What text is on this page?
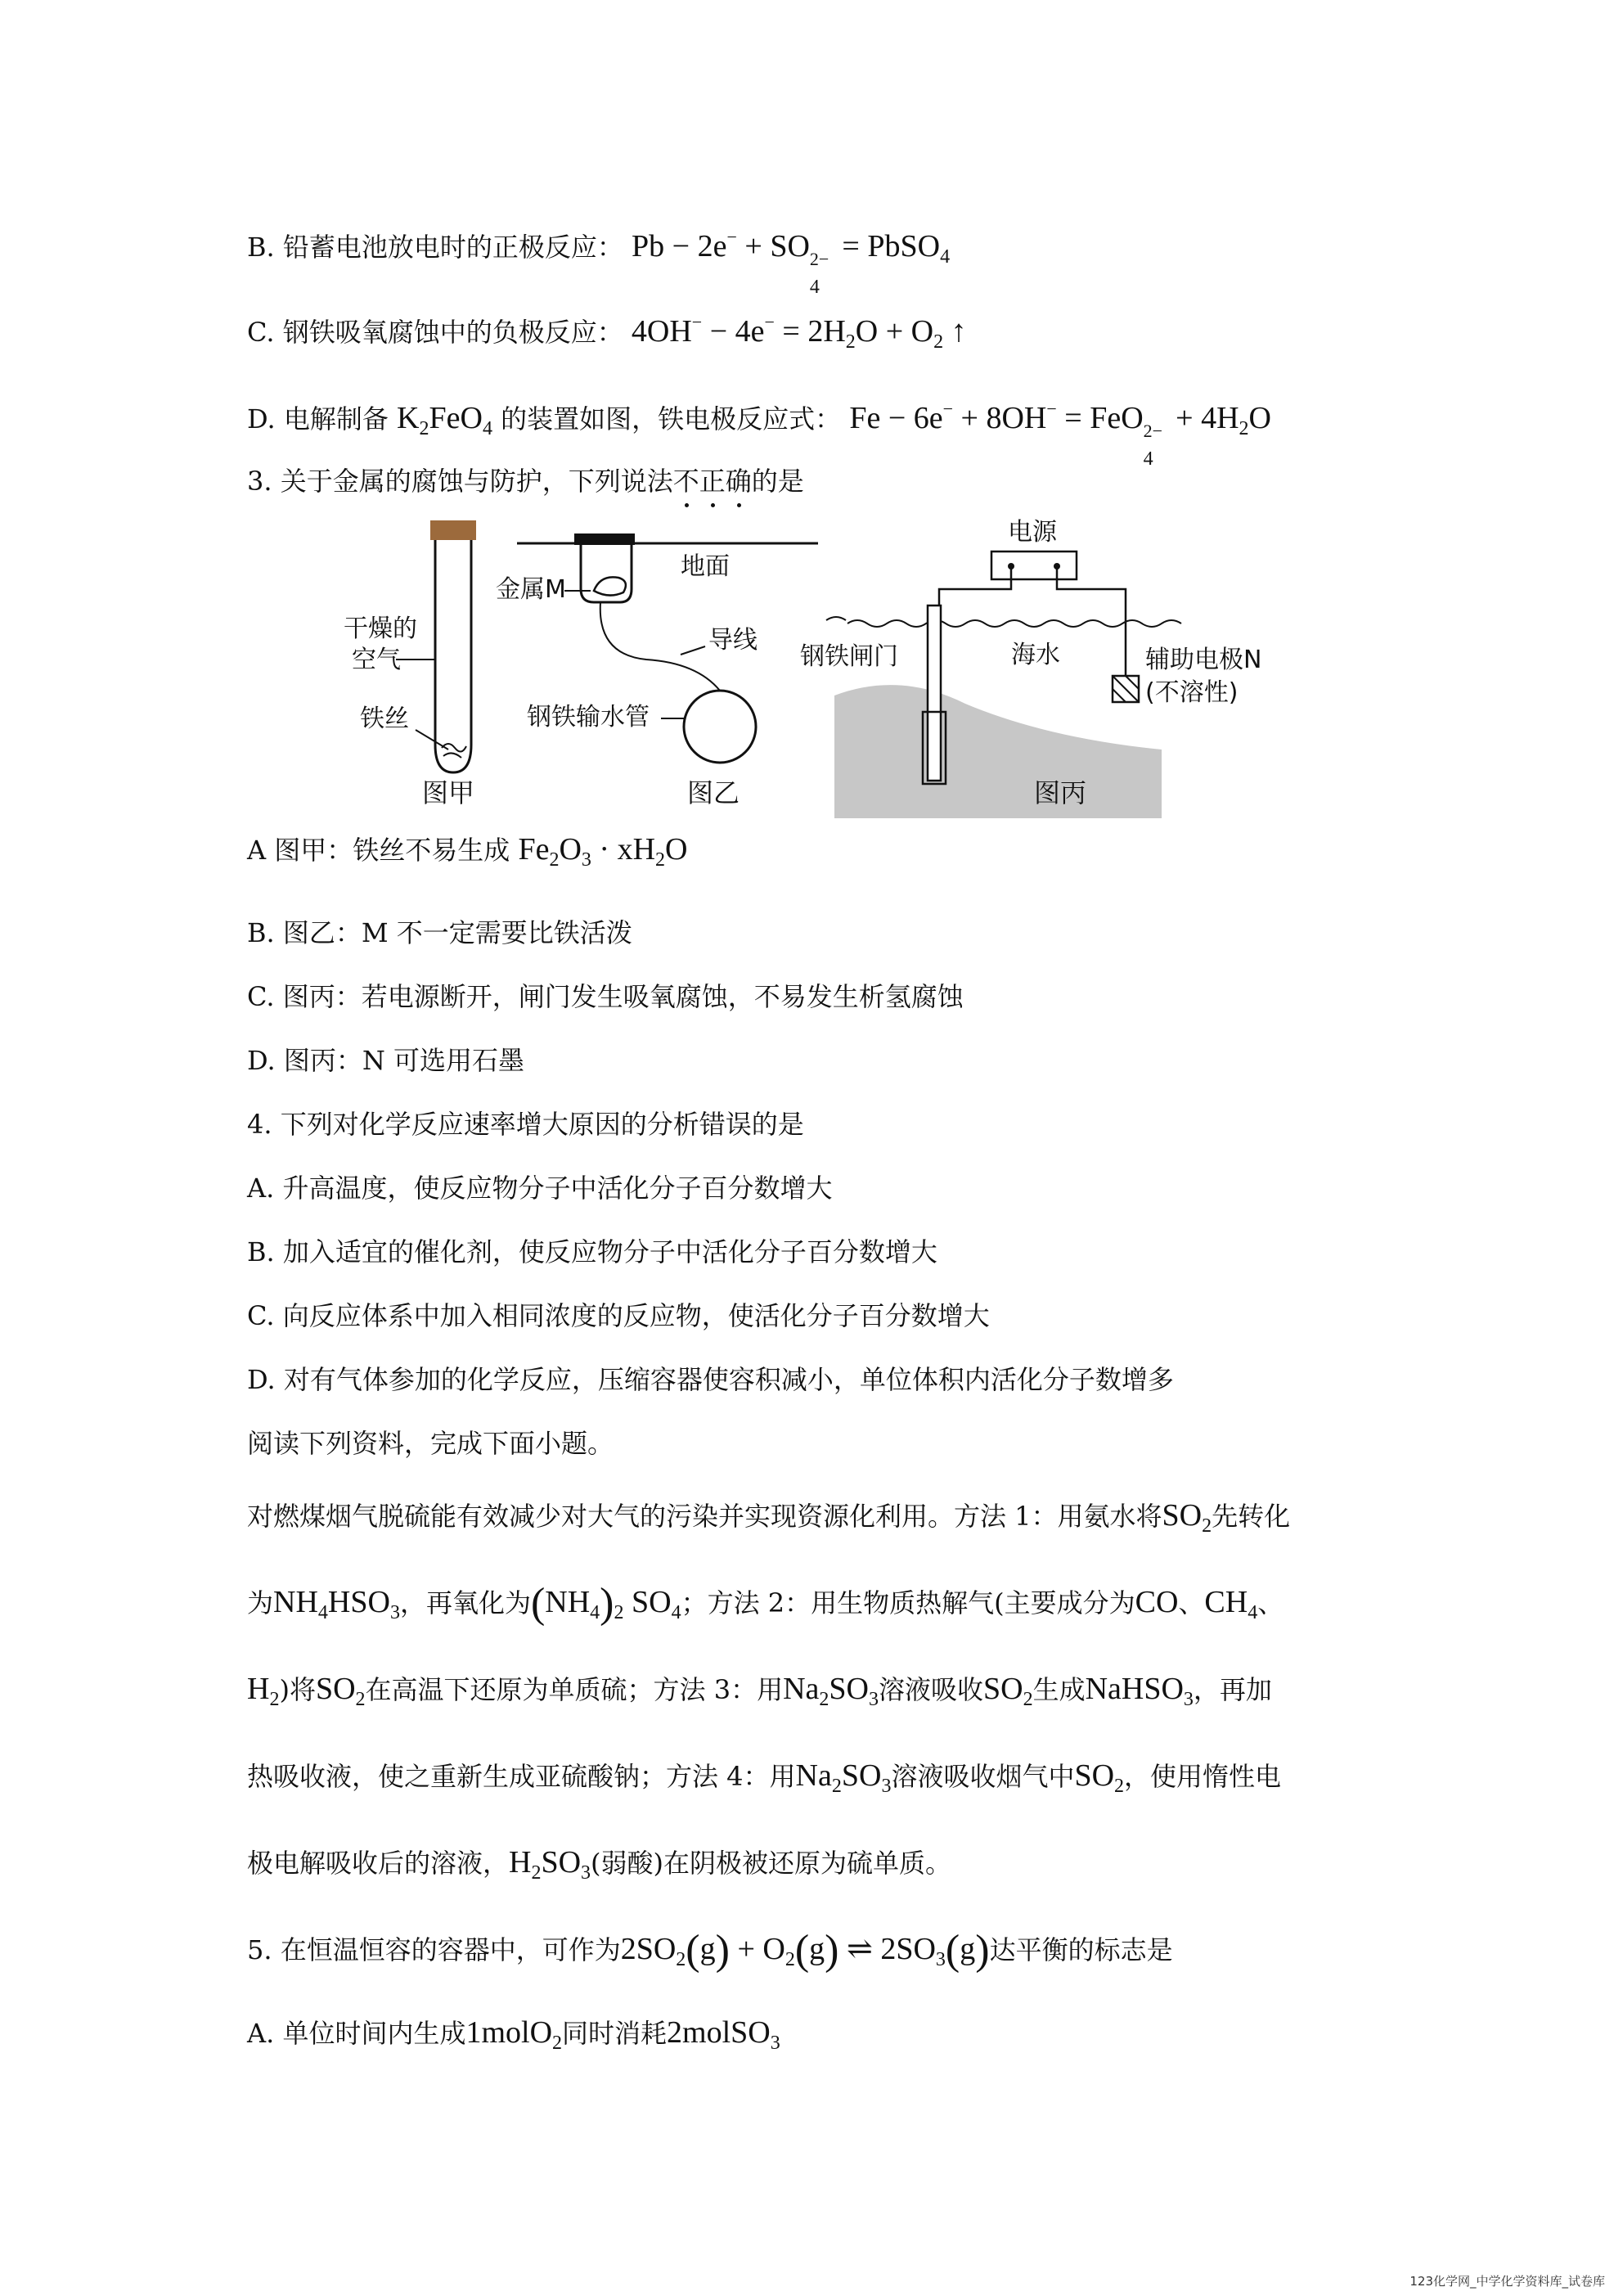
B. 铅蓄电池放电时的正极反应： Pb − 2e− + SO 2−
4
= PbSO$_4$
C. 钢铁吸氧腐蚀中的负极反应： $4OH^- - 4e^- = 2H_2O + O_2$ ↑
D. 电解制备 $K_2FeO_4$ 的装置如图，铁电极反应式： Fe − 6e− + 8OH− = FeO 2−
4
+ $4H_2O$
3. 关于金属的腐蚀与防护，下列说法不正确的是
干燥的
空气
铁丝
图甲
地面
金属M
导线
钢铁输水管
图乙
电源
钢铁闸门	海水	辅助电极N
(不溶性)
图丙
A 图甲：铁丝不易生成 $Fe_2O_3 \cdot xH_2O$
B. 图乙：M 不一定需要比铁活泼
C. 图丙：若电源断开，闸门发生吸氧腐蚀，不易发生析氢腐蚀
D. 图丙：N 可选用石墨
4. 下列对化学反应速率增大原因的分析错误的是
A. 升高温度，使反应物分子中活化分子百分数增大
B. 加入适宜的催化剂，使反应物分子中活化分子百分数增大
C. 向反应体系中加入相同浓度的反应物，使活化分子百分数增大
D. 对有气体参加的化学反应，压缩容器使容积减小，单位体积内活化分子数增多
阅读下列资料，完成下面小题。
对燃煤烟气脱硫能有效减少对大气的污染并实现资源化利用。方法 1：用氨水将$SO_2$先转化
为$NH_4HSO_3$，再氧化为$(NH_4)_2$ $SO_4$；方法 2：用生物质热解气(主要成分为CO、$CH_4$、
$H_2$)将$SO_2$在高温下还原为单质硫；方法 3：用$Na_2SO_3$溶液吸收$SO_2$生成NaHSO$_3$，再加
热吸收液，使之重新生成亚硫酸钠；方法 4：用$Na_2SO_3$溶液吸收烟气中$SO_2$，使用惰性电
极电解吸收后的溶液，$H_2SO_3$(弱酸)在阴极被还原为硫单质。
5. 在恒温恒容的容器中，可作为$2SO_2(g) + O_2(g)$ ⇌ $2SO_3(g)$达平衡的标志是
A. 单位时间内生成1molO$_2$同时消耗2molSO$_3$
123化学网_中学化学资料库_试卷库
